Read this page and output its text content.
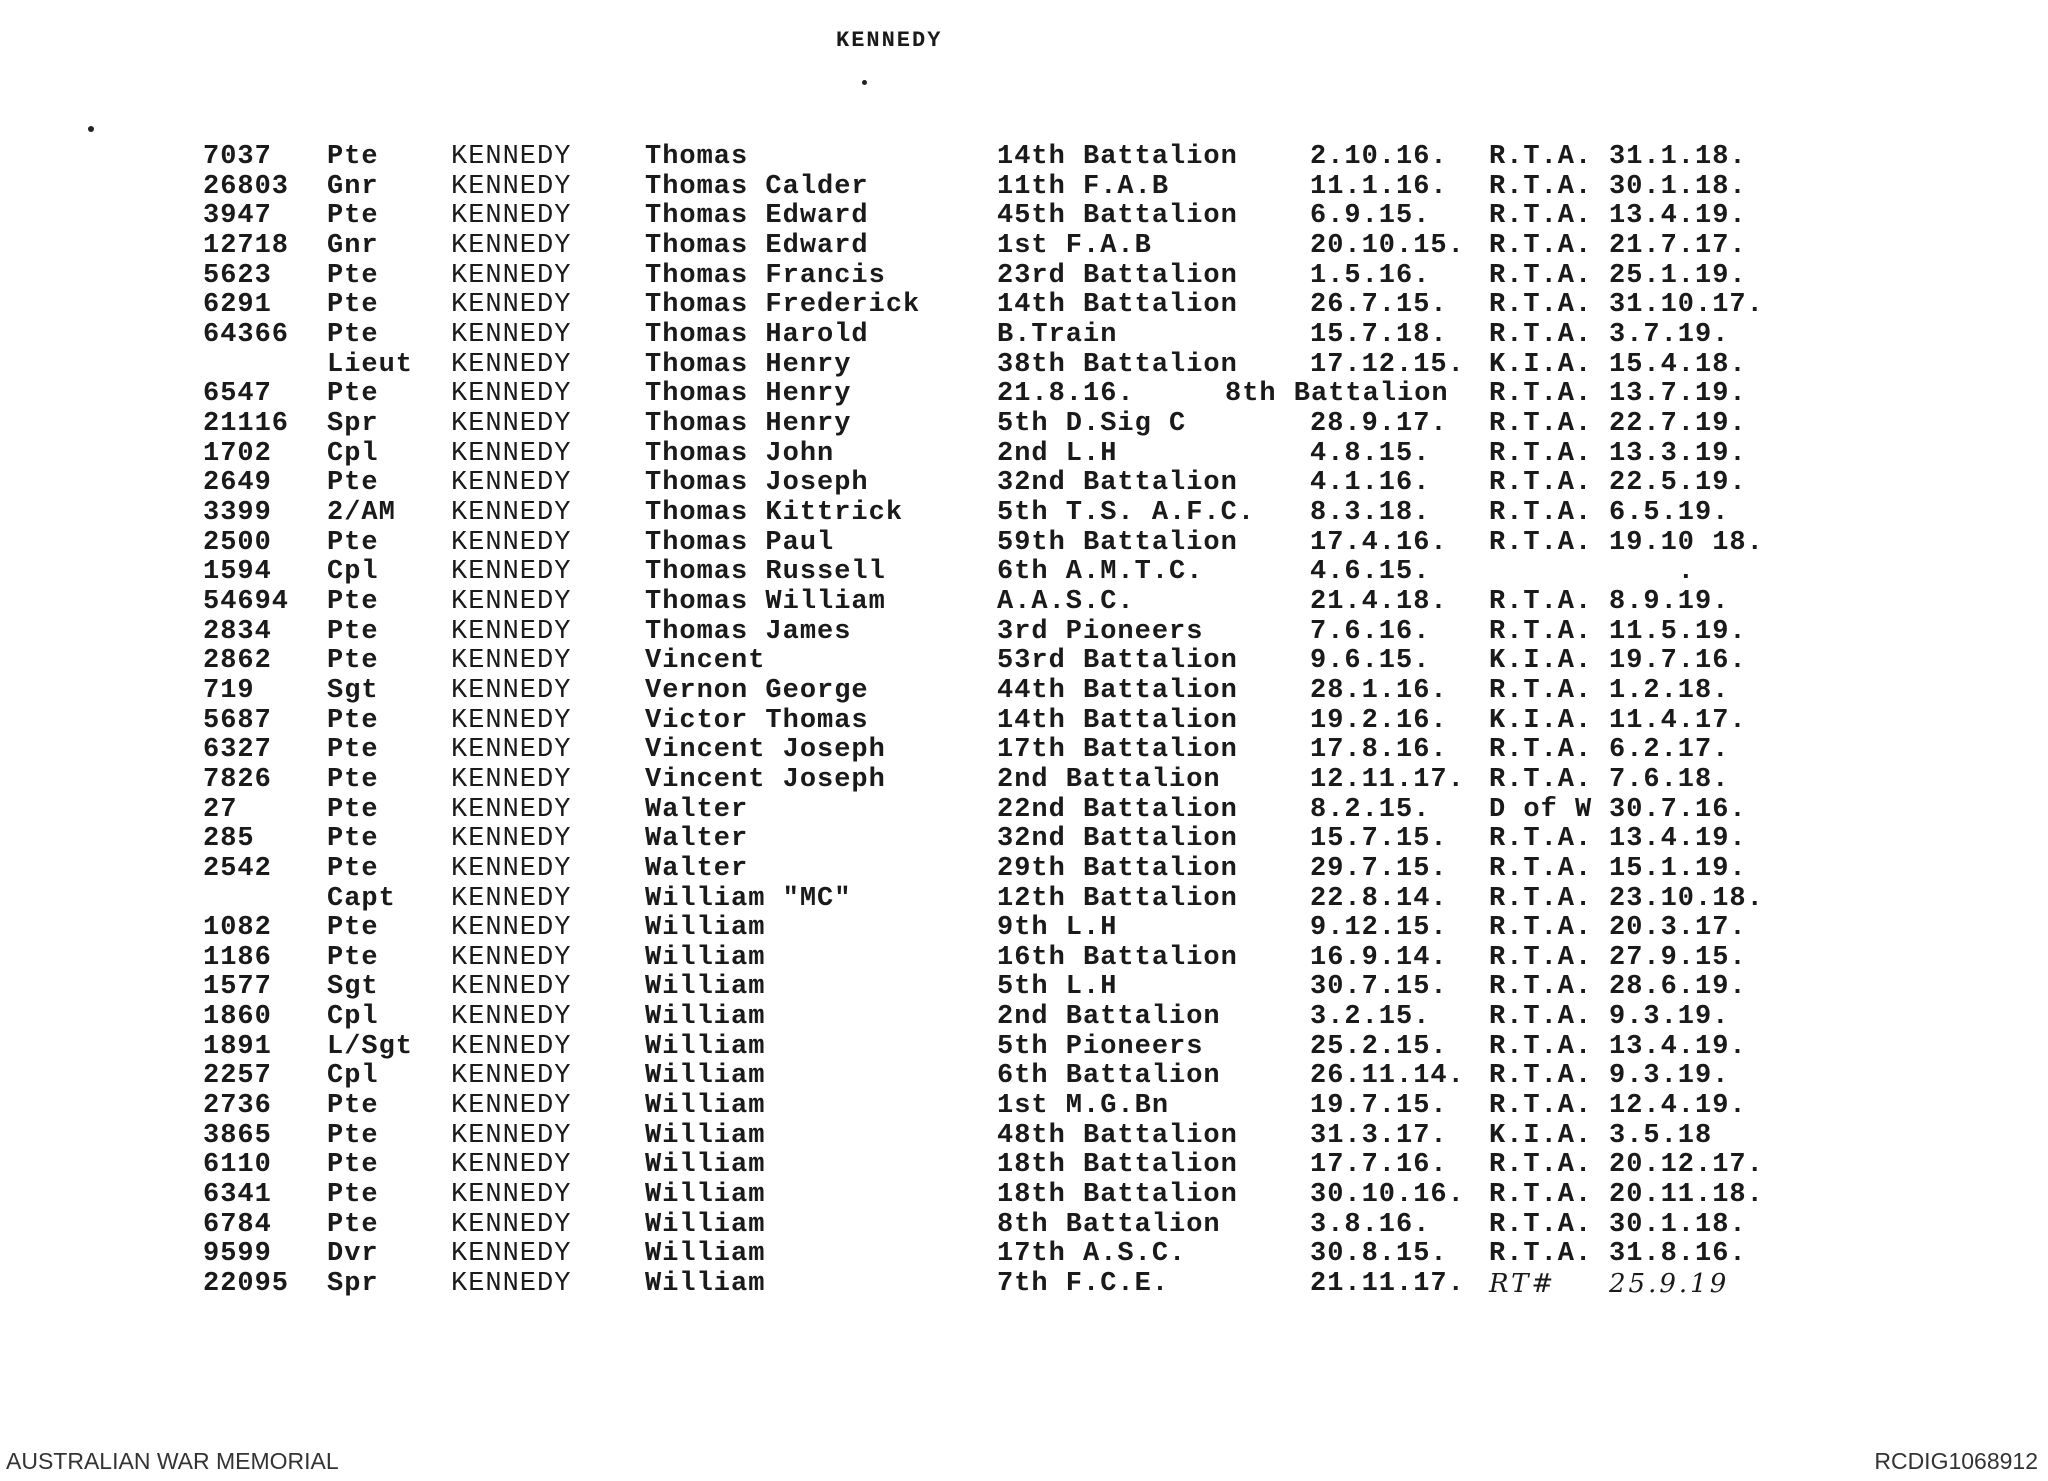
KENNEDY
7037 Pte	KENNEDY	Thomas	14th Battalion	2.10.16. R.T.A. 31.1.18.
26803 Gnr	KENNEDY	Thomas Calder	11th F.A.B	11.1.16. R.T.A. 30.1.18.
3947 Pte	KENNEDY	Thomas Edward	45th Battalion	6.9.15. R.T.A. 13.4.19.
12718 Gnr	KENNEDY	Thomas Edward	1st F.A.B	20.10.15. R.T.A. 21.7.17.
5623 Pte	KENNEDY	Thomas Francis	23rd Battalion	1.5.16. R.T.A. 25.1.19.
6291 Pte	KENNEDY	Thomas Frederick	14th Battalion	26.7.15. R.T.A. 31.10.17.
64366 Pte	KENNEDY	Thomas Harold	B.Train	15.7.18. R.T.A. 3.7.19.
Lieut KENNEDY	Thomas Henry	38th Battalion	17.12.15. K.I.A. 15.4.18.
6547 Pte	KENNEDY	Thomas Henry	21.8.16.	8th Battalion R.T.A. 13.7.19.
21116 Spr	KENNEDY	Thomas Henry	5th D.Sig C	28.9.17. R.T.A. 22.7.19.
1702 Cpl	KENNEDY	Thomas John	2nd L.H	4.8.15. R.T.A. 13.3.19.
2649 Pte	KENNEDY	Thomas Joseph	32nd Battalion	4.1.16. R.T.A. 22.5.19.
3399 2/AM KENNEDY	Thomas Kittrick	5th T.S. A.F.C. 8.3.18. R.T.A. 6.5.19.
2500 Pte	KENNEDY	Thomas Paul	59th Battalion	17.4.16. R.T.A. 19.10 18.
1594 Cpl	KENNEDY	Thomas Russell	6th A.M.T.C.	4.6.15.	.
54694 Pte	KENNEDY	Thomas William	A.A.S.C.	21.4.18. R.T.A. 8.9.19.
2834 Pte	KENNEDY	Thomas James	3rd Pioneers	7.6.16. R.T.A. 11.5.19.
2862 Pte	KENNEDY	Vincent	53rd Battalion	9.6.15. K.I.A. 19.7.16.
719	Sgt	KENNEDY	Vernon George	44th Battalion	28.1.16. R.T.A. 1.2.18.
5687 Pte	KENNEDY	Victor Thomas	14th Battalion	19.2.16. K.I.A. 11.4.17.
6327 Pte	KENNEDY	Vincent Joseph	17th Battalion	17.8.16. R.T.A. 6.2.17.
7826 Pte	KENNEDY	Vincent Joseph	2nd Battalion	12.11.17. R.T.A. 7.6.18.
27	Pte	KENNEDY	Walter	22nd Battalion	8.2.15. D of W 30.7.16.
285	Pte	KENNEDY	Walter	32nd Battalion	15.7.15. R.T.A. 13.4.19.
2542 Pte	KENNEDY	Walter	29th Battalion	29.7.15. R.T.A. 15.1.19.
Capt KENNEDY	William "MC"	12th Battalion	22.8.14. R.T.A. 23.10.18.
1082 Pte	KENNEDY	William	9th L.H	9.12.15. R.T.A. 20.3.17.
1186 Pte	KENNEDY	William	16th Battalion	16.9.14. R.T.A. 27.9.15.
1577 Sgt	KENNEDY	William	5th L.H	30.7.15. R.T.A. 28.6.19.
1860 Cpl	KENNEDY	William	2nd Battalion	3.2.15. R.T.A. 9.3.19.
1891 L/Sgt KENNEDY	William	5th Pioneers	25.2.15. R.T.A. 13.4.19.
2257 Cpl	KENNEDY	William	6th Battalion	26.11.14. R.T.A. 9.3.19.
2736 Pte	KENNEDY	William	1st M.G.Bn	19.7.15. R.T.A. 12.4.19.
3865 Pte	KENNEDY	William	48th Battalion	31.3.17. K.I.A. 3.5.18
6110 Pte	KENNEDY	William	18th Battalion	17.7.16. R.T.A. 20.12.17.
6341 Pte	KENNEDY	William	18th Battalion	30.10.16. R.T.A. 20.11.18.
6784 Pte	KENNEDY	William	8th Battalion	3.8.16. R.T.A. 30.1.18.
9599 Dvr	KENNEDY	William	17th A.S.C.	30.8.15. R.T.A. 31.8.16.
22095 Spr	KENNEDY	William	7th F.C.E.	21.11.17. RT# 25.9.19
AUSTRALIAN WAR MEMORIAL	RCDIG1068912
